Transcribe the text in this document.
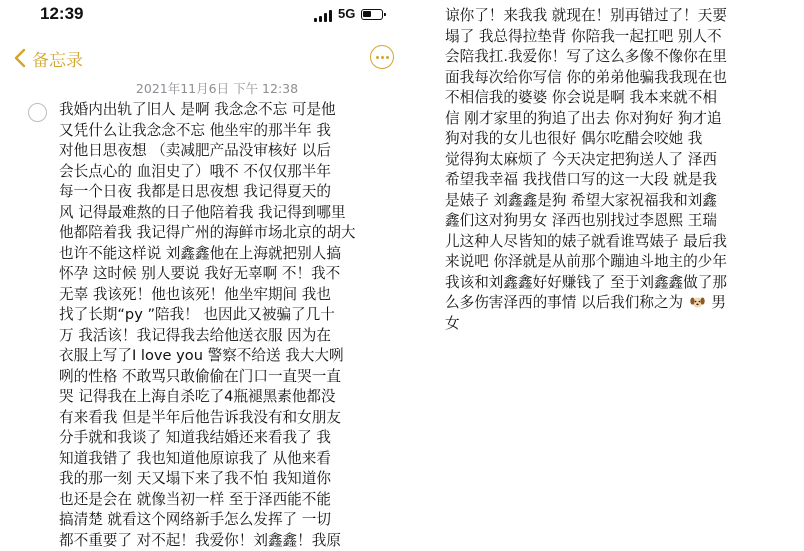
12:39	5G
备忘录
2021年11月6日 下午 12:38
我婚内出轨了旧人 是啊 我念念不忘 可是他
又凭什么让我念念不忘 他坐牢的那半年 我
对他日思夜想 （卖减肥产品没审核好 以后
会长点心的 血泪史了）哦不 不仅仅那半年
每一个日夜 我都是日思夜想 我记得夏天的
风 记得最难熬的日子他陪着我 我记得到哪里
他都陪着我 我记得广州的海鲜市场北京的胡大
也许不能这样说 刘鑫鑫他在上海就把别人搞
怀孕 这时候 别人要说 我好无辜啊 不！我不
无辜 我该死！他也该死！他坐牢期间 我也
找了长期“py ”陪我！ 也因此又被骗了几十
万 我活该！我记得我去给他送衣服 因为在
衣服上写了I love you 警察不给送 我大大咧
咧的性格 不敢骂只敢偷偷在门口一直哭一直
哭 记得我在上海自杀吃了4瓶褪黑素他都没
有来看我 但是半年后他告诉我没有和女朋友
分手就和我谈了 知道我结婚还来看我了 我
知道我错了 我也知道他原谅我了 从他来看
我的那一刻 天又塌下来了我不怕 我知道你
也还是会在 就像当初一样 至于泽西能不能
搞清楚 就看这个网络新手怎么发挥了 一切
都不重要了 对不起！我爱你！刘鑫鑫！我原
谅你了！来我我 就现在！别再错过了！天要
塌了 我总得拉垫背 你陪我一起扛吧 别人不
会陪我扛.我爱你！写了这么多像不像你在里
面我每次给你写信 你的弟弟他骗我我现在也
不相信我的婆婆 你会说是啊 我本来就不相
信 刚才家里的狗追了出去 你对狗好 狗才追
狗对我的女儿也很好 偶尔吃醋会咬她 我
觉得狗太麻烦了 今天决定把狗送人了 泽西
希望我幸福 我找借口写的这一大段 就是我
是婊子 刘鑫鑫是狗 希望大家祝福我和刘鑫
鑫们这对狗男女 泽西也别找过李恩熙 王瑞
儿这种人尽皆知的婊子就看谁骂婊子 最后我
来说吧 你泽就是从前那个蹦迪斗地主的少年
我该和刘鑫鑫好好赚钱了 至于刘鑫鑫做了那
么多伤害泽西的事情 以后我们称之为 男
女
